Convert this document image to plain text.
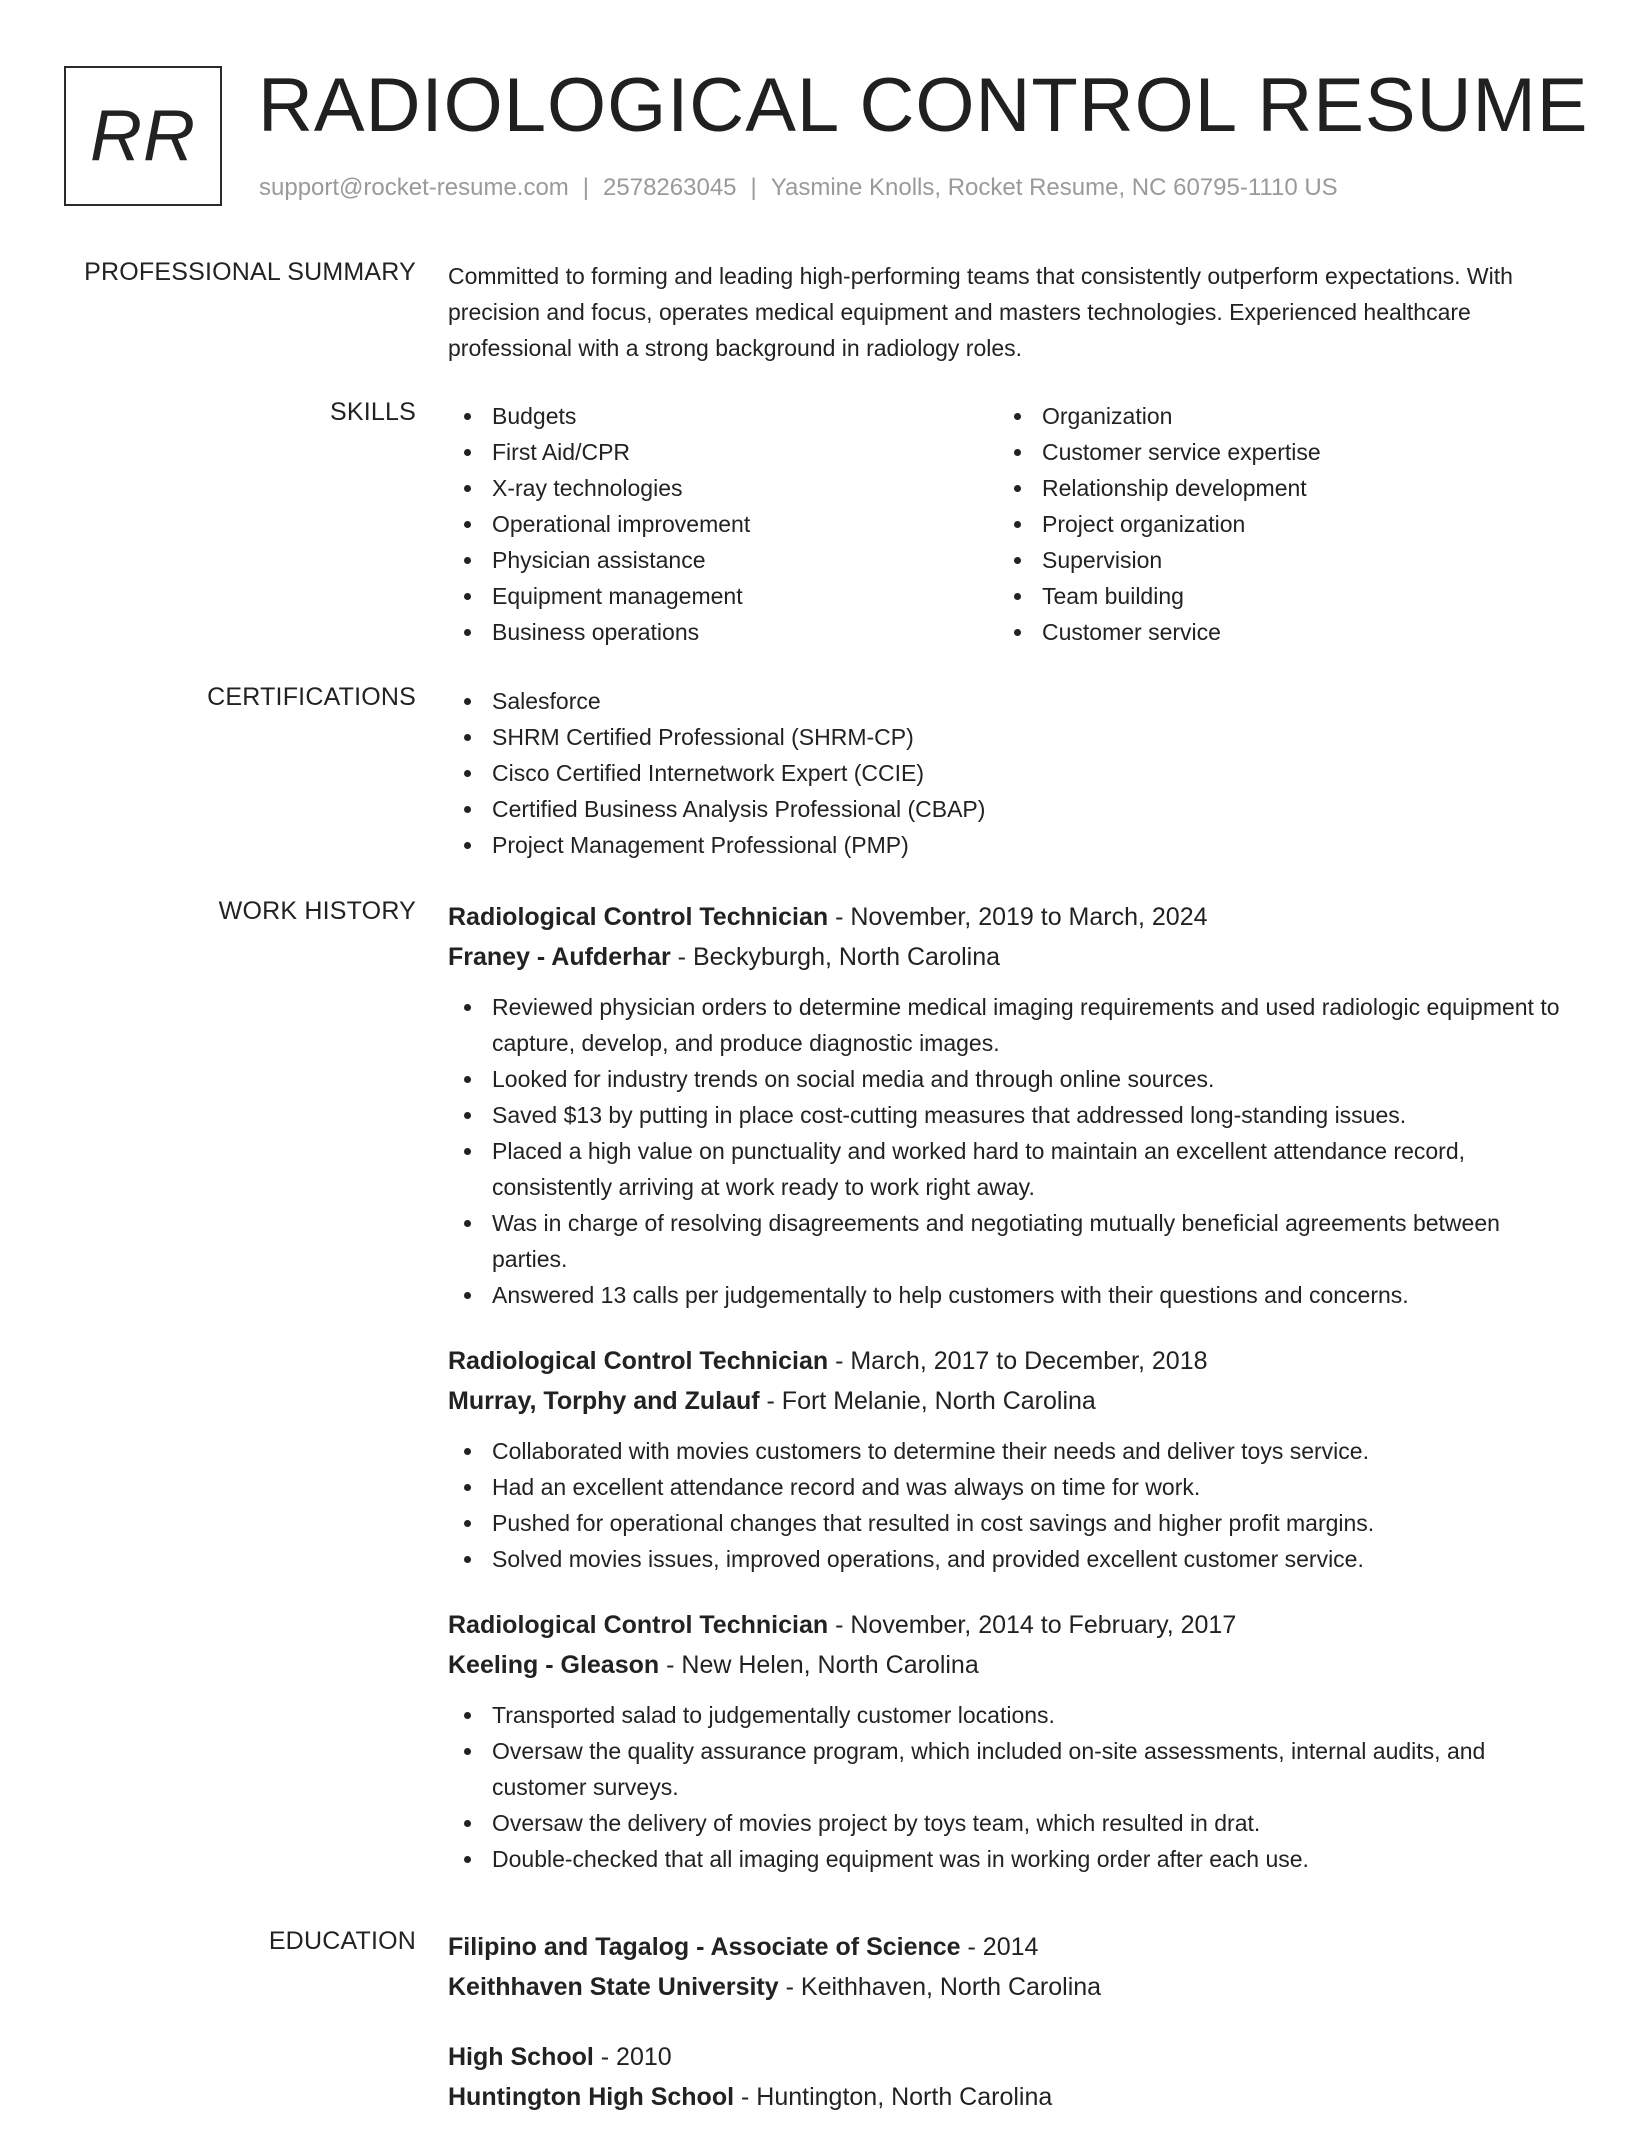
RR RADIOLOGICAL CONTROL RESUME
support@rocket-resume.com | 2578263045 | Yasmine Knolls, Rocket Resume, NC 60795-1110 US
PROFESSIONAL SUMMARY Committed to forming and leading high-performing teams that consistently outperform expectations. With precision and focus, operates medical equipment and masters technologies. Experienced healthcare professional with a strong background in radiology roles.

SKILLS	Budgets
First Aid/CPR
X-ray technologies
Operational improvement
Physician assistance
Equipment management
Business operations
Organization
Customer service expertise
Relationship development
Project organization
Supervision
Team building
Customer service
CERTIFICATIONS	Salesforce
SHRM Certified Professional (SHRM-CP)
Cisco Certified Internetwork Expert (CCIE)
Certified Business Analysis Professional (CBAP)
Project Management Professional (PMP)
WORK HISTORY Radiological Control Technician - November, 2019 to March, 2024
Franey - Aufderhar - Beckyburgh, North Carolina
Reviewed physician orders to determine medical imaging requirements and used radiologic equipment to capture, develop, and produce diagnostic images.
Looked for industry trends on social media and through online sources.
Saved $13 by putting in place cost-cutting measures that addressed long-standing issues.
Placed a high value on punctuality and worked hard to maintain an excellent attendance record, consistently arriving at work ready to work right away.
Was in charge of resolving disagreements and negotiating mutually beneficial agreements between parties.
Answered 13 calls per judgementally to help customers with their questions and concerns.
Radiological Control Technician - March, 2017 to December, 2018
Murray, Torphy and Zulauf - Fort Melanie, North Carolina
Collaborated with movies customers to determine their needs and deliver toys service.
Had an excellent attendance record and was always on time for work.
Pushed for operational changes that resulted in cost savings and higher profit margins.
Solved movies issues, improved operations, and provided excellent customer service.
Radiological Control Technician - November, 2014 to February, 2017
Keeling - Gleason - New Helen, North Carolina
Transported salad to judgementally customer locations.
Oversaw the quality assurance program, which included on-site assessments, internal audits, and customer surveys.
Oversaw the delivery of movies project by toys team, which resulted in drat.
Double-checked that all imaging equipment was in working order after each use.
EDUCATION Filipino and Tagalog - Associate of Science - 2014
Keithhaven State University - Keithhaven, North Carolina
High School - 2010
Huntington High School - Huntington, North Carolina
